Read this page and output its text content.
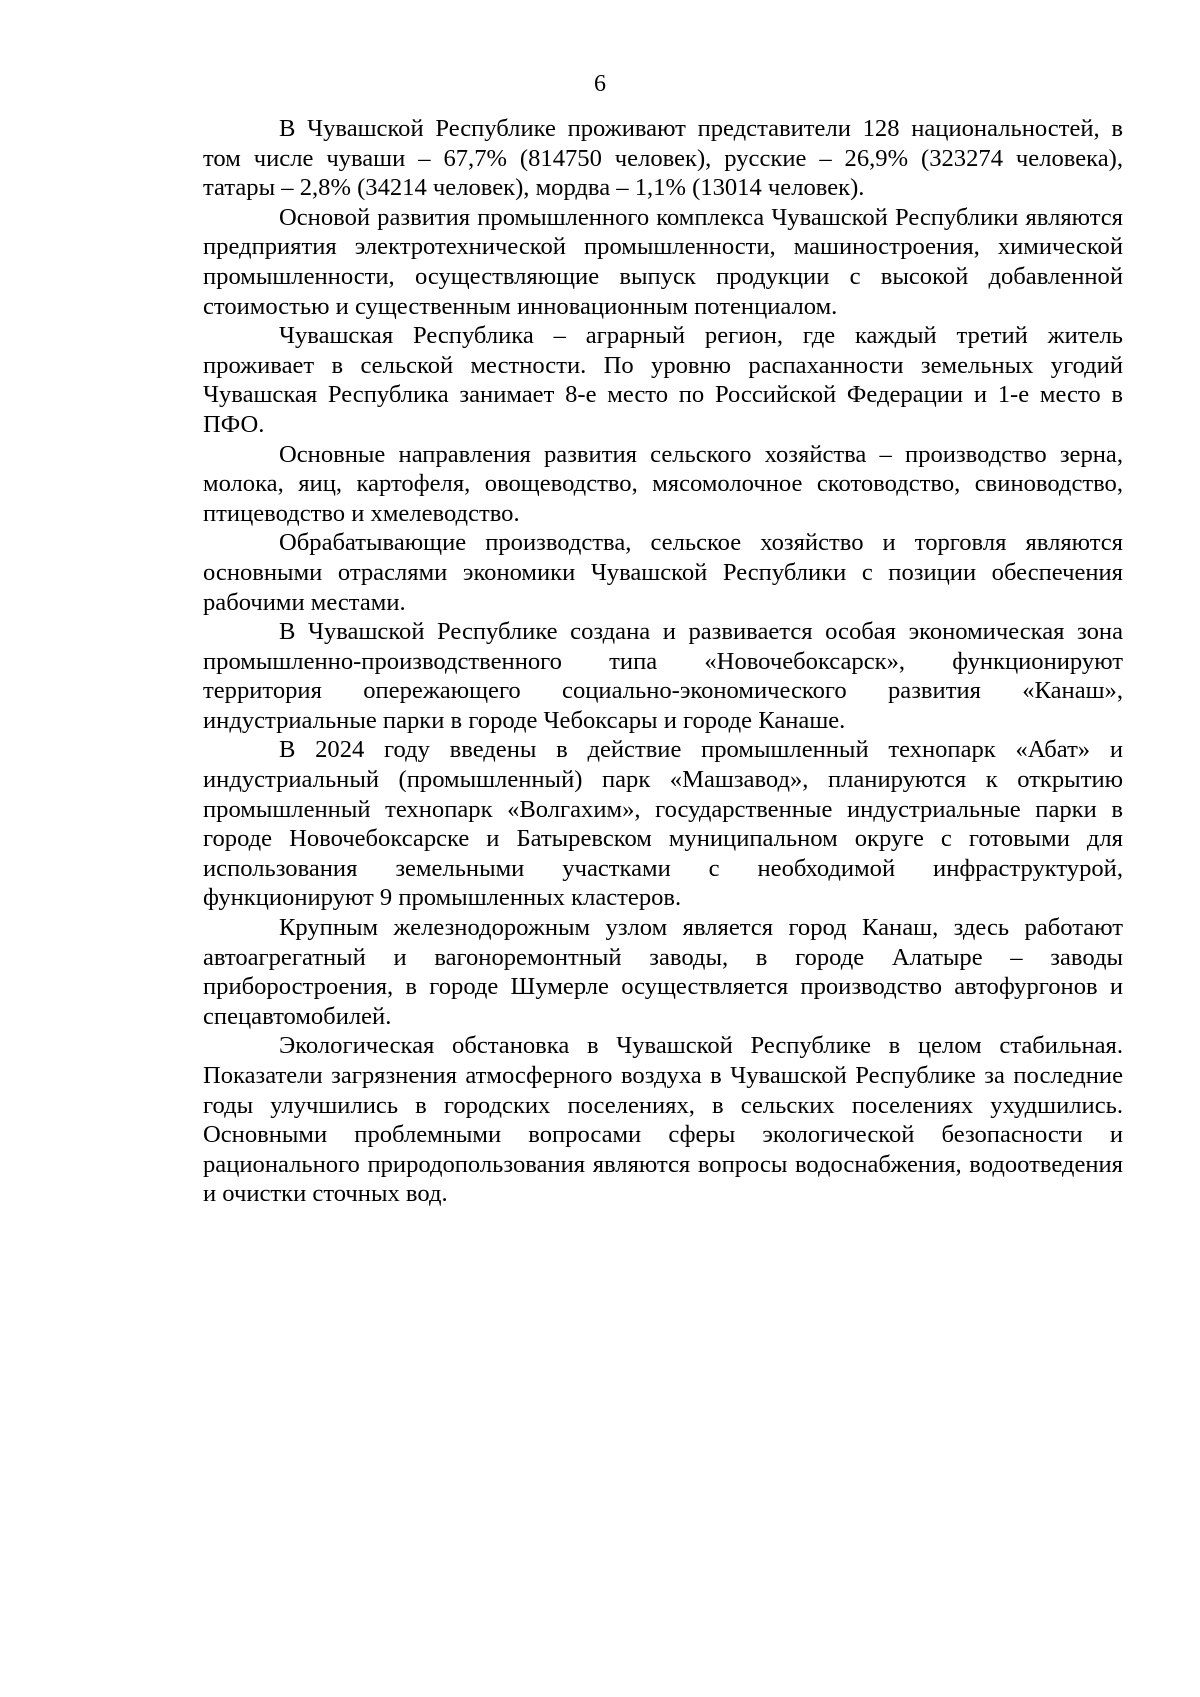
6

В Чувашской Республике проживают представители 128 национальностей, в том числе чуваши – 67,7% (814750 человек), русские – 26,9% (323274 человека), татары – 2,8% (34214 человек), мордва – 1,1% (13014 человек).

Основой развития промышленного комплекса Чувашской Республики являются предприятия электротехнической промышленности, машиностроения, химической промышленности, осуществляющие выпуск продукции с высокой добавленной стоимостью и существенным инновационным потенциалом.

Чувашская Республика – аграрный регион, где каждый третий житель проживает в сельской местности. По уровню распаханности земельных угодий Чувашская Республика занимает 8-е место по Российской Федерации и 1-е место в ПФО.

Основные направления развития сельского хозяйства – производство зерна, молока, яиц, картофеля, овощеводство, мясомолочное скотоводство, свиноводство, птицеводство и хмелеводство.

Обрабатывающие производства, сельское хозяйство и торговля являются основными отраслями экономики Чувашской Республики с позиции обеспечения рабочими местами.

В Чувашской Республике создана и развивается особая экономическая зона промышленно-производственного типа «Новочебоксарск», функционируют территория опережающего социально-экономического развития «Канаш», индустриальные парки в городе Чебоксары и городе Канаше.

В 2024 году введены в действие промышленный технопарк «Абат» и индустриальный (промышленный) парк «Машзавод», планируются к открытию промышленный технопарк «Волгахим», государственные индустриальные парки в городе Новочебоксарске и Батыревском муниципальном округе с готовыми для использования земельными участками с необходимой инфраструктурой, функционируют 9 промышленных кластеров.

Крупным железнодорожным узлом является город Канаш, здесь работают автоагрегатный и вагоноремонтный заводы, в городе Алатыре – заводы приборостроения, в городе Шумерле осуществляется производство автофургонов и спецавтомобилей.

Экологическая обстановка в Чувашской Республике в целом стабильная. Показатели загрязнения атмосферного воздуха в Чувашской Республике за последние годы улучшились в городских поселениях, в сельских поселениях ухудшились. Основными проблемными вопросами сферы экологической безопасности и рационального природопользования являются вопросы водоснабжения, водоотведения и очистки сточных вод.
